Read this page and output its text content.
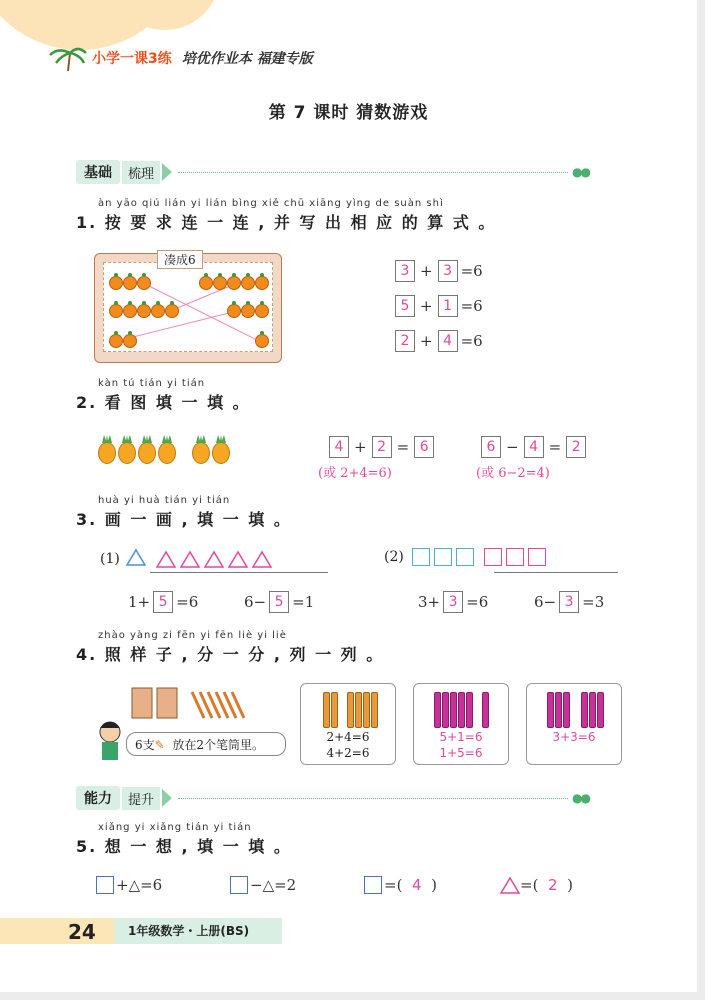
小学一课3练 培优作业本 福建专版
第 7 课时 猜数游戏
基础	梳理	●●
àn yāo qiú lián yi lián bìng xiě chū xiāng yìng de suàn shì
1. 按 要 求 连 一 连 , 并 写 出 相 应 的 算 式 。
凑成6
3 + 3 =6
5 + 1 =6
2 + 4 =6
kàn tú tián yi tián
2. 看 图 填 一 填 。
4 + 2 = 6	6 − 4 = 2
(或 2+4=6)	(或 6−2=4)
huà yi huà tián yi tián
3. 画 一 画 , 填 一 填 。
(1)	(2)
1+ 5 =6	6− 5 =1	3+ 3 =6	6− 3 =3
zhào yàng zi fēn yi fēn liè yi liè
4. 照 样 子 , 分 一 分 , 列 一 列 。
6支✎ 放在2个笔筒里。
2+4=6
4+2=6
5+1=6
1+5=6
3+3=6
能力	提升	●●
xiǎng yi xiǎng tián yi tián
5. 想 一 想 , 填 一 填 。
+△=6	−△=2	=(
4
)	=(
2
)
24	1年级数学・上册(BS)
